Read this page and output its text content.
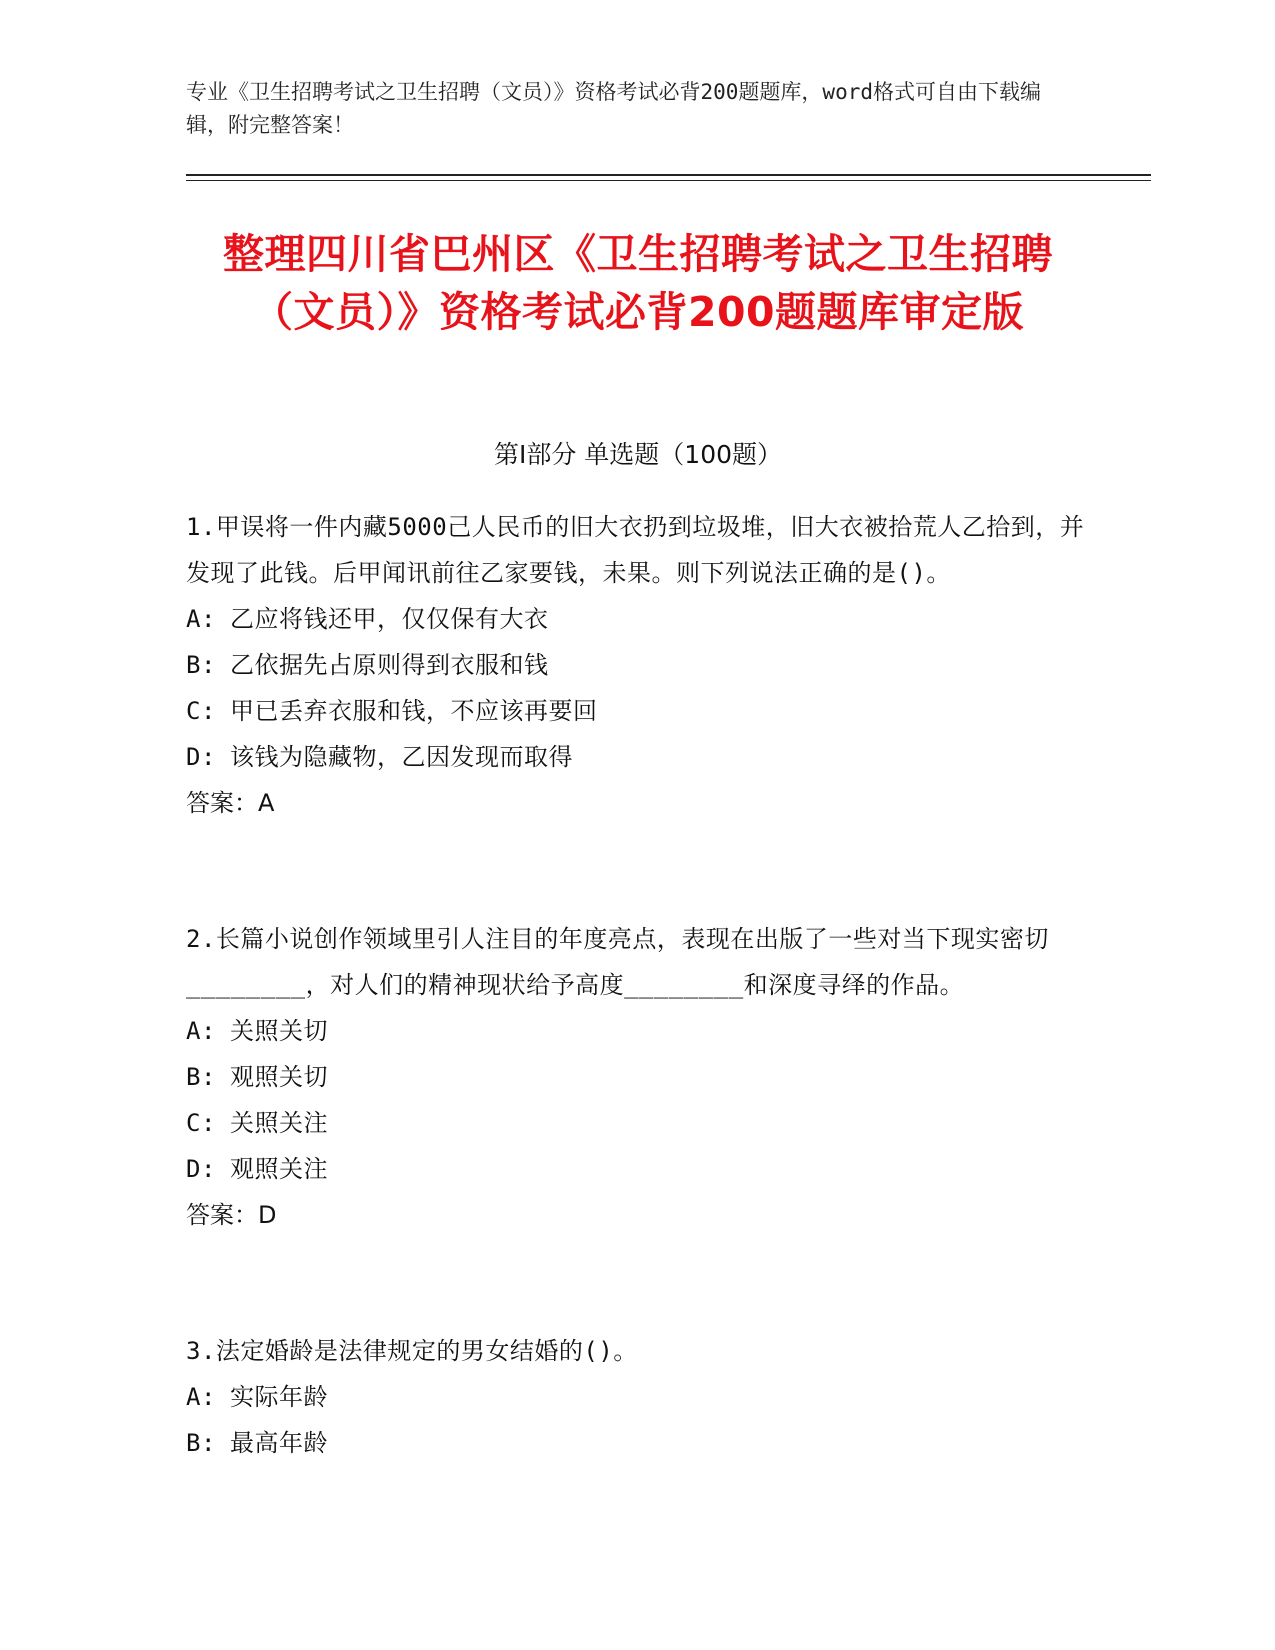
专业《卫生招聘考试之卫生招聘（文员）》资格考试必背200题题库，word格式可自由下载编辑，附完整答案！
整理四川省巴州区《卫生招聘考试之卫生招聘（文员）》资格考试必背200题题库审定版
第Ⅰ部分 单选题（100题）
1.甲误将一件内藏5000己人民币的旧大衣扔到垃圾堆，旧大衣被拾荒人乙拾到，并发现了此钱。后甲闻讯前往乙家要钱，未果。则下列说法正确的是()。
A: 乙应将钱还甲，仅仅保有大衣
B: 乙依据先占原则得到衣服和钱
C: 甲已丢弃衣服和钱，不应该再要回
D: 该钱为隐藏物，乙因发现而取得
答案：A
2.长篇小说创作领域里引人注目的年度亮点，表现在出版了一些对当下现实密切________，对人们的精神现状给予高度________和深度寻绎的作品。
A: 关照关切
B: 观照关切
C: 关照关注
D: 观照关注
答案：D
3.法定婚龄是法律规定的男女结婚的()。
A: 实际年龄
B: 最高年龄
